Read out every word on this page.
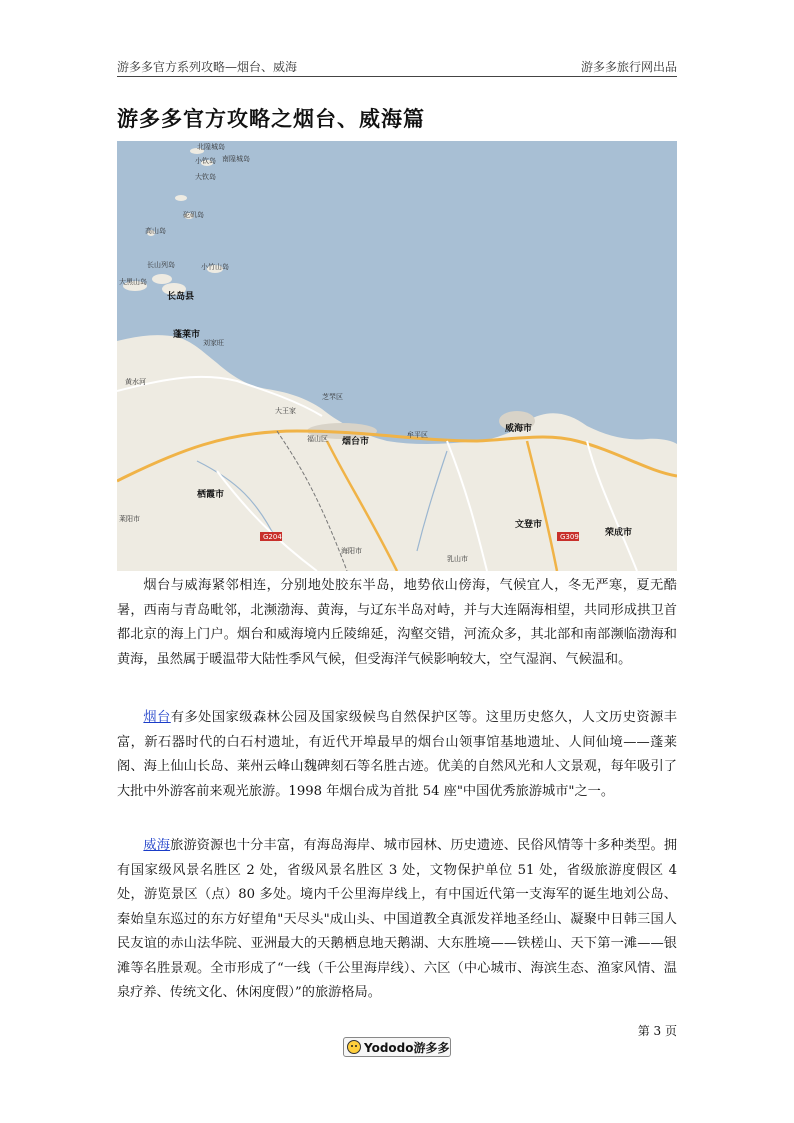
游多多官方系列攻略—烟台、威海	游多多旅行网出品
游多多官方攻略之烟台、威海篇
G204	G309
北隍城岛
小钦岛 南隍城岛
大钦岛
砣矶岛
高山岛
长山列岛	小竹山岛
大黑山岛
长岛县
蓬莱市
刘家旺
黄水河
大王家
芝罘区
烟台市
牟平区
威海市
文登市
荣成市
福山区
栖霞市
莱阳市
海阳市
乳山市

烟台与威海紧邻相连，分别地处胶东半岛，地势依山傍海，气候宜人，冬无严寒，夏无酷暑，西南与青岛毗邻，北濒渤海、黄海，与辽东半岛对峙，并与大连隔海相望，共同形成拱卫首都北京的海上门户。烟台和威海境内丘陵绵延，沟壑交错，河流众多，其北部和南部濒临渤海和黄海，虽然属于暖温带大陆性季风气候，但受海洋气候影响较大，空气湿润、气候温和。

烟台有多处国家级森林公园及国家级候鸟自然保护区等。这里历史悠久，人文历史资源丰富，新石器时代的白石村遗址，有近代开埠最早的烟台山领事馆基地遗址、人间仙境——蓬莱阁、海上仙山长岛、莱州云峰山魏碑刻石等名胜古迹。优美的自然风光和人文景观，每年吸引了大批中外游客前来观光旅游。1998 年烟台成为首批 54 座"中国优秀旅游城市"之一。

威海旅游资源也十分丰富，有海岛海岸、城市园林、历史遗迹、民俗风情等十多种类型。拥有国家级风景名胜区 2 处，省级风景名胜区 3 处，文物保护单位 51 处，省级旅游度假区 4 处，游览景区（点）80 多处。境内千公里海岸线上，有中国近代第一支海军的诞生地刘公岛、秦始皇东巡过的东方好望角"天尽头"成山头、中国道教全真派发祥地圣经山、凝聚中日韩三国人民友谊的赤山法华院、亚洲最大的天鹅栖息地天鹅湖、大东胜境——铁槎山、天下第一滩——银滩等名胜景观。全市形成了“一线（千公里海岸线）、六区（中心城市、海滨生态、渔家风情、温泉疗养、传统文化、休闲度假）”的旅游格局。

第 3 页
Yododo游多多
